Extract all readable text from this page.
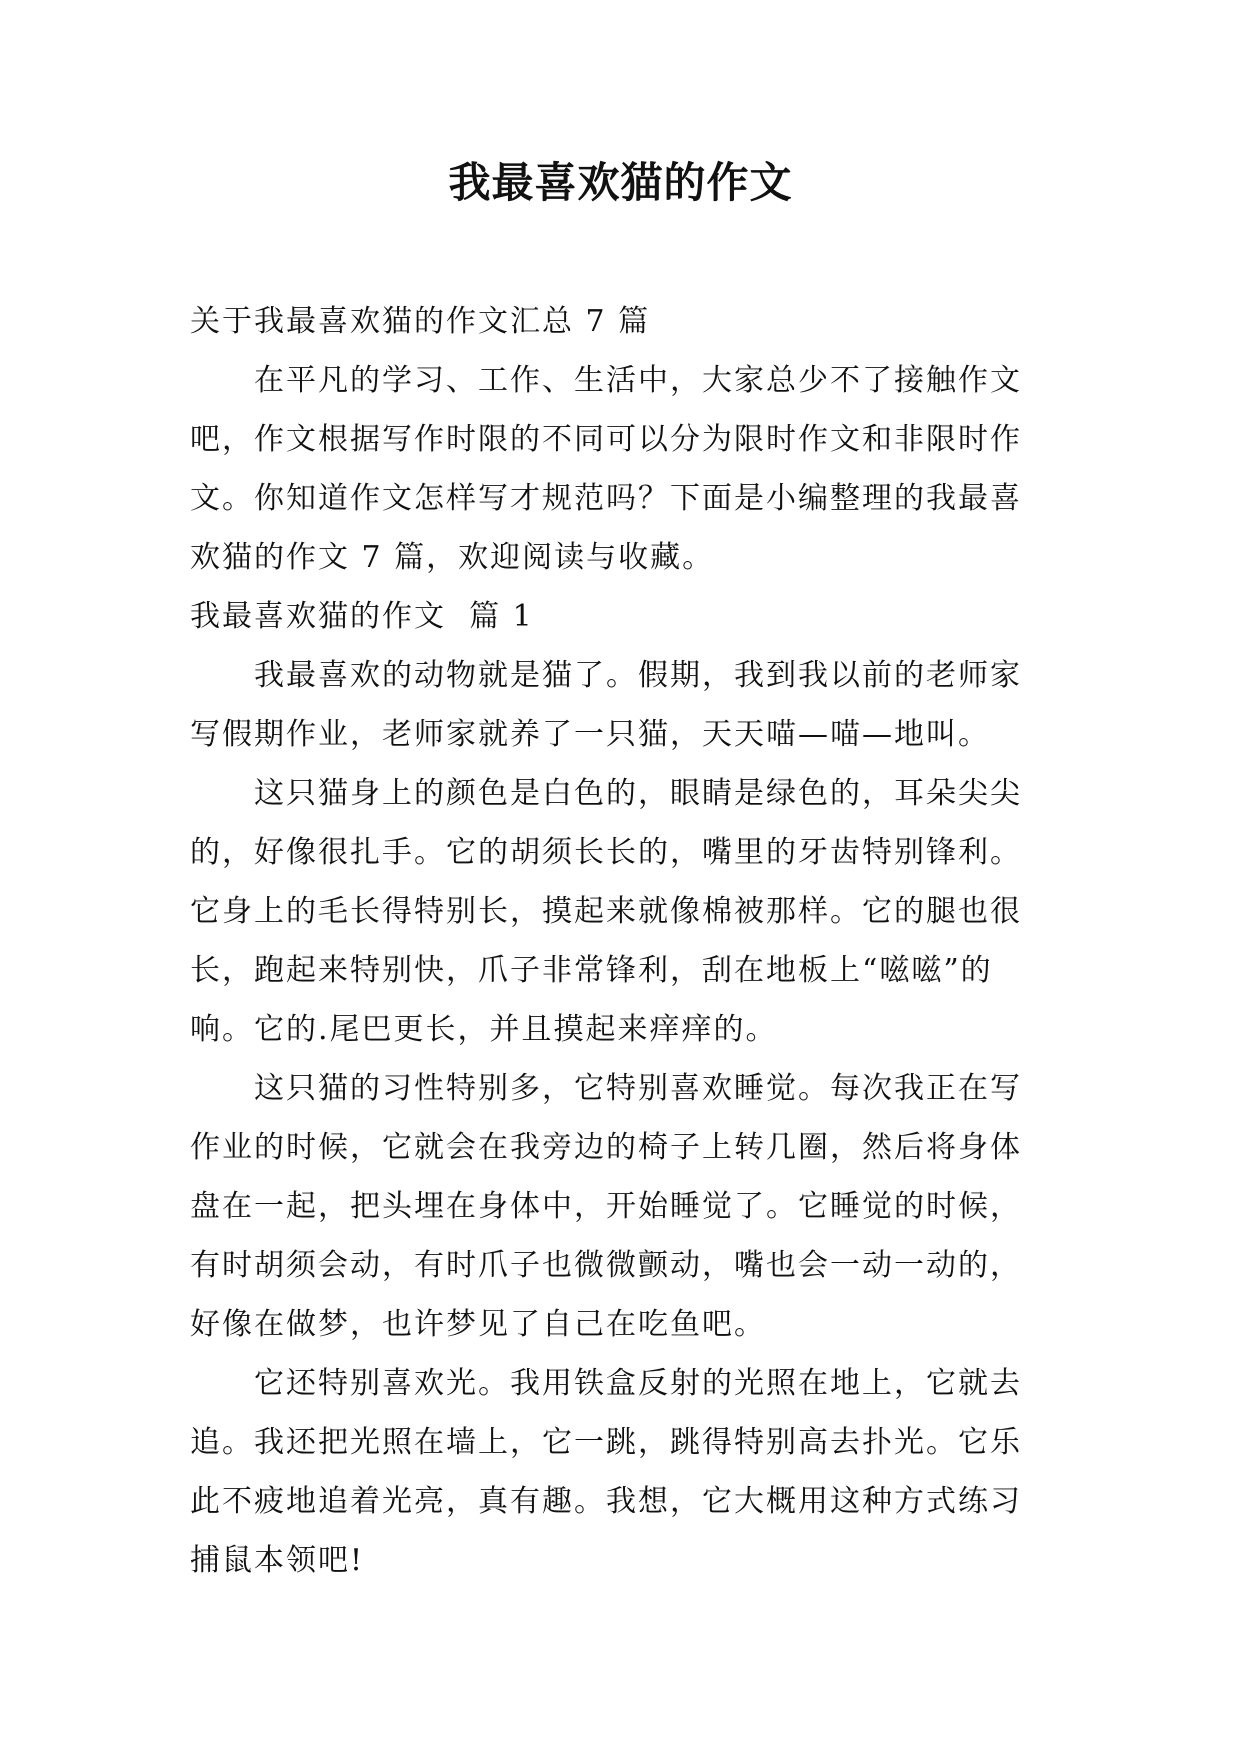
我最喜欢猫的作文

关于我最喜欢猫的作文汇总 7 篇

在平凡的学习、工作、生活中，大家总少不了接触作文吧，作文根据写作时限的不同可以分为限时作文和非限时作文。你知道作文怎样写才规范吗？下面是小编整理的我最喜欢猫的作文 7 篇，欢迎阅读与收藏。

我最喜欢猫的作文  篇 1

我最喜欢的动物就是猫了。假期，我到我以前的老师家写假期作业，老师家就养了一只猫，天天喵—喵—地叫。

这只猫身上的颜色是白色的，眼睛是绿色的，耳朵尖尖的，好像很扎手。它的胡须长长的，嘴里的牙齿特别锋利。它身上的毛长得特别长，摸起来就像棉被那样。它的腿也很长，跑起来特别快，爪子非常锋利，刮在地板上“嗞嗞”的响。它的.尾巴更长，并且摸起来痒痒的。

这只猫的习性特别多，它特别喜欢睡觉。每次我正在写作业的时候，它就会在我旁边的椅子上转几圈，然后将身体盘在一起，把头埋在身体中，开始睡觉了。它睡觉的时候，有时胡须会动，有时爪子也微微颤动，嘴也会一动一动的，好像在做梦，也许梦见了自己在吃鱼吧。

它还特别喜欢光。我用铁盒反射的光照在地上，它就去追。我还把光照在墙上，它一跳，跳得特别高去扑光。它乐此不疲地追着光亮，真有趣。我想，它大概用这种方式练习捕鼠本领吧!
